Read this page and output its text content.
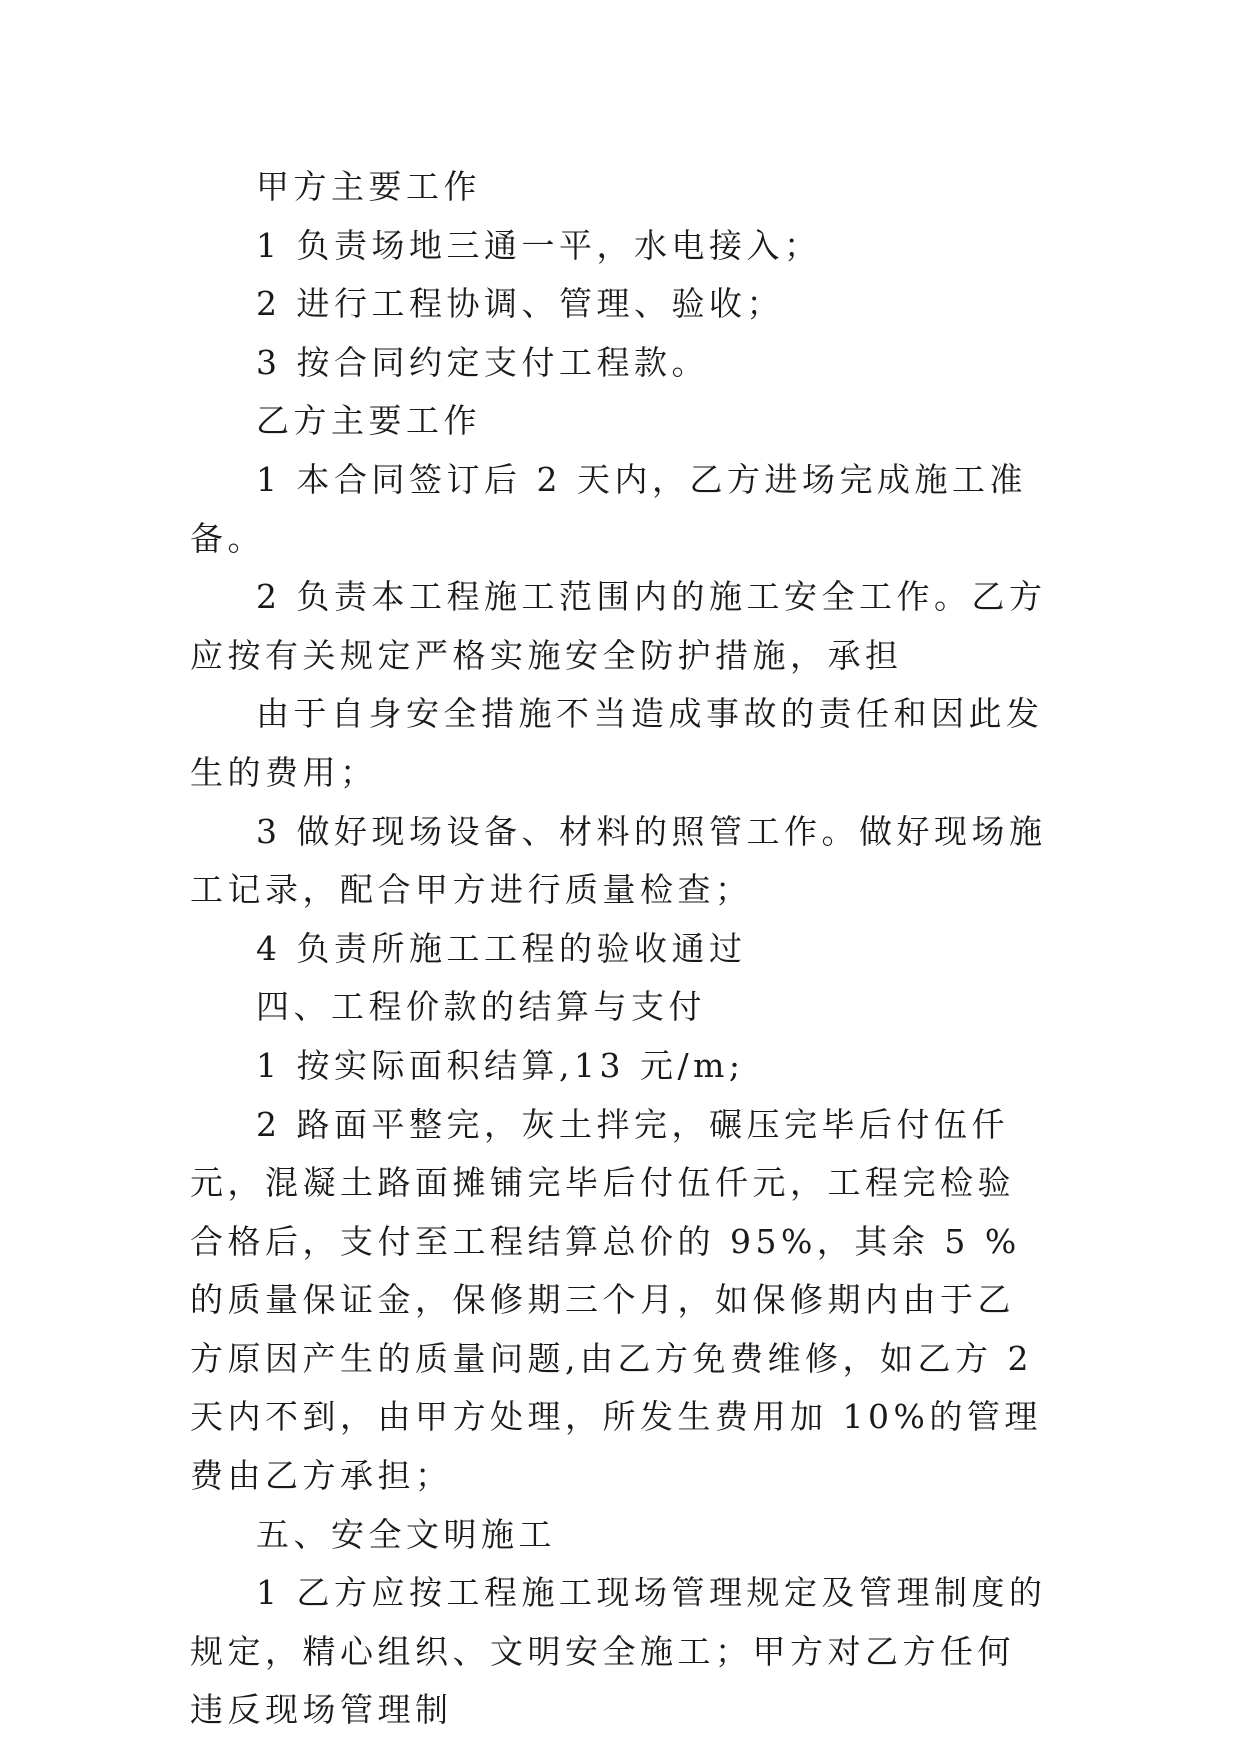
甲方主要工作

1 负责场地三通一平，水电接入；

2 进行工程协调、管理、验收；

3 按合同约定支付工程款。

乙方主要工作

1 本合同签订后 2 天内，乙方进场完成施工准备。

2 负责本工程施工范围内的施工安全工作。乙方应按有关规定严格实施安全防护措施，承担

由于自身安全措施不当造成事故的责任和因此发生的费用；

3 做好现场设备、材料的照管工作。做好现场施工记录，配合甲方进行质量检查；

4 负责所施工工程的验收通过

四、工程价款的结算与支付

1 按实际面积结算,13 元/m;

2 路面平整完，灰土拌完，碾压完毕后付伍仟元，混凝土路面摊铺完毕后付伍仟元，工程完检验合格后，支付至工程结算总价的 95%，其余 5 %的质量保证金，保修期三个月，如保修期内由于乙方原因产生的质量问题,由乙方免费维修，如乙方 2 天内不到，由甲方处理，所发生费用加 10%的管理费由乙方承担；

五、安全文明施工

1 乙方应按工程施工现场管理规定及管理制度的规定，精心组织、文明安全施工；甲方对乙方任何违反现场管理制
